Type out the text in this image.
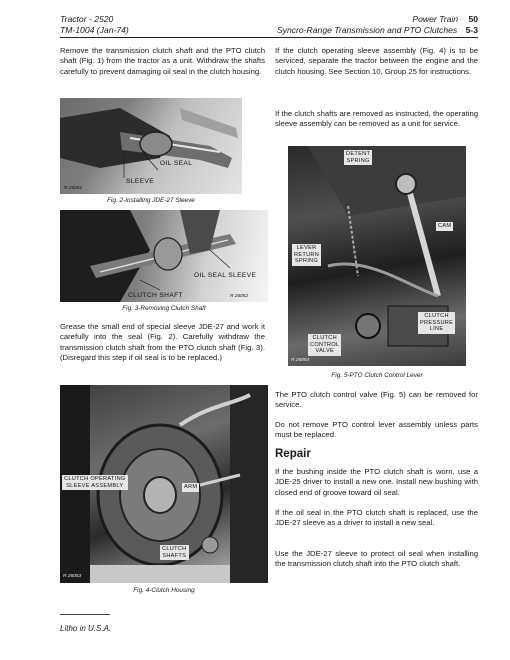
Tractor - 2520
TM-1004 (Jan-74)
Power Train 50
Syncro-Range Transmission and PTO Clutches 5-3

Remove the transmission clutch shaft and the PTO clutch shaft (Fig. 1) from the tractor as a unit. Withdraw the shafts carefully to prevent damaging oil seal in the clutch housing.

OIL SEAL
SLEEVE
R 26051
Fig. 2-Installing JDE-27 Sleeve
OIL SEAL SLEEVE
CLUTCH SHAFT	R 26052
Fig. 3-Removing Clutch Shaft

Grease the small end of special sleeve JDE-27 and work it carefully into the seal (Fig. 2). Carefully withdraw the transmission clutch shaft from the PTO clutch shaft (Fig. 3). (Disregard this step if oil seal is to be replaced.)

CLUTCH OPERATING
SLEEVE ASSEMBLY	ARM
CLUTCH
SHAFTS
R 26053
Fig. 4-Clutch Housing

If the clutch operating sleeve assembly (Fig. 4) is to be serviced, separate the tractor between the engine and the clutch housing. See Section 10, Group 25 for instructions.

If the clutch shafts are removed as instructed, the operating sleeve assembly can be removed as a unit for service.

DETENT
SPRING
LEVER
RETURN
SPRING
CAM
CLUTCH
CONTROL
VALVE
CLUTCH
PRESSURE
LINE
R 26054
Fig. 5-PTO Clutch Control Lever

The PTO clutch control valve (Fig. 5) can be removed for service.

Do not remove PTO control lever assembly unless parts must be replaced.

Repair

If the bushing inside the PTO clutch shaft is worn, use a JDE-25 driver to install a new one. Install new bushing with closed end of groove toward oil seal.

If the oil seal in the PTO clutch shaft is replaced, use the JDE-27 sleeve as a driver to install a new seal.

Use the JDE-27 sleeve to protect oil seal when installing the transmission clutch shaft into the PTO clutch shaft.

Litho in U.S.A.
